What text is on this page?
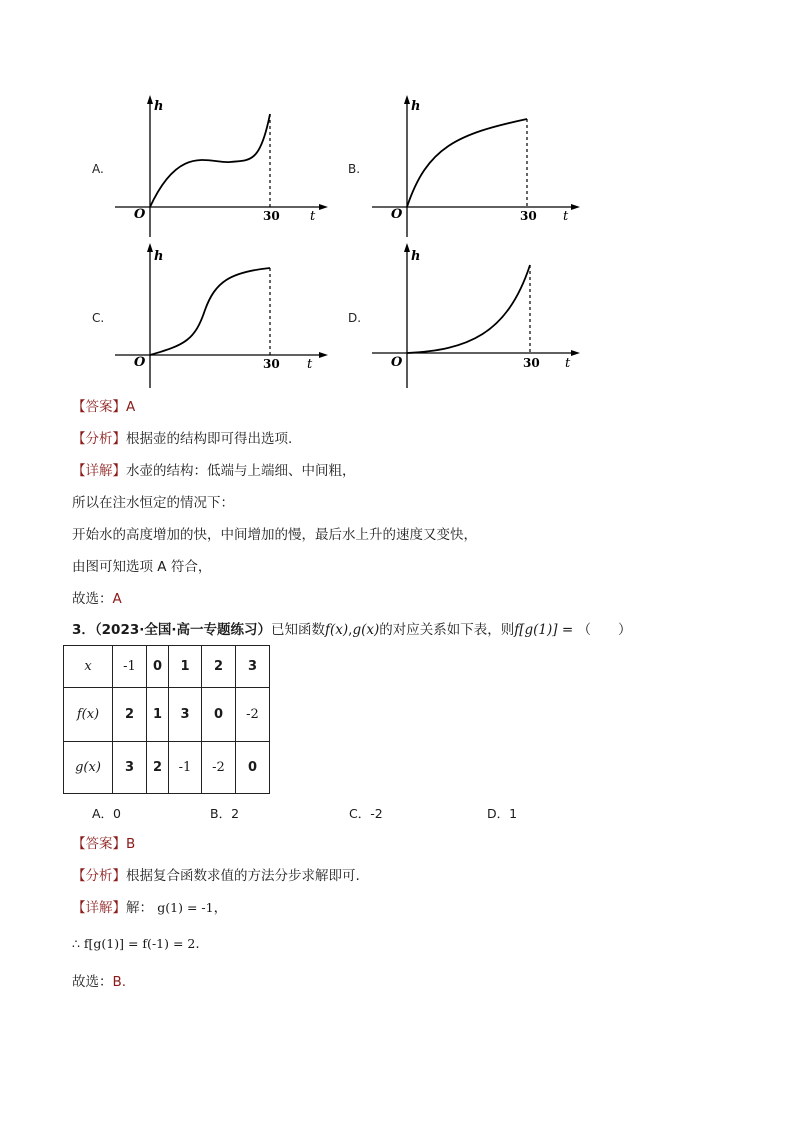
A.
h
O	30 t
B.
h
O	30 t
C.
h
O	30 t
D.
h
O	30 t
【答案】A
【分析】根据壶的结构即可得出选项.
【详解】水壶的结构：低端与上端细、中间粗，
所以在注水恒定的情况下：
开始水的高度增加的快，中间增加的慢，最后水上升的速度又变快，
由图可知选项 A 符合，
故选：A
3．（2023·全国·高一专题练习）已知函数f(x),g(x)的对应关系如下表，则f[g(1)] = （　　）
x	-1	0	1	2	3
f(x)	2	1	3	0	-2
g(x)	3	2	-1	-2	0
A．0	B．2	C．-2	D．1
【答案】B
【分析】根据复合函数求值的方法分步求解即可.
【详解】解： g(1) = -1，
∴ f[g(1)] = f(-1) = 2.
故选：B.
